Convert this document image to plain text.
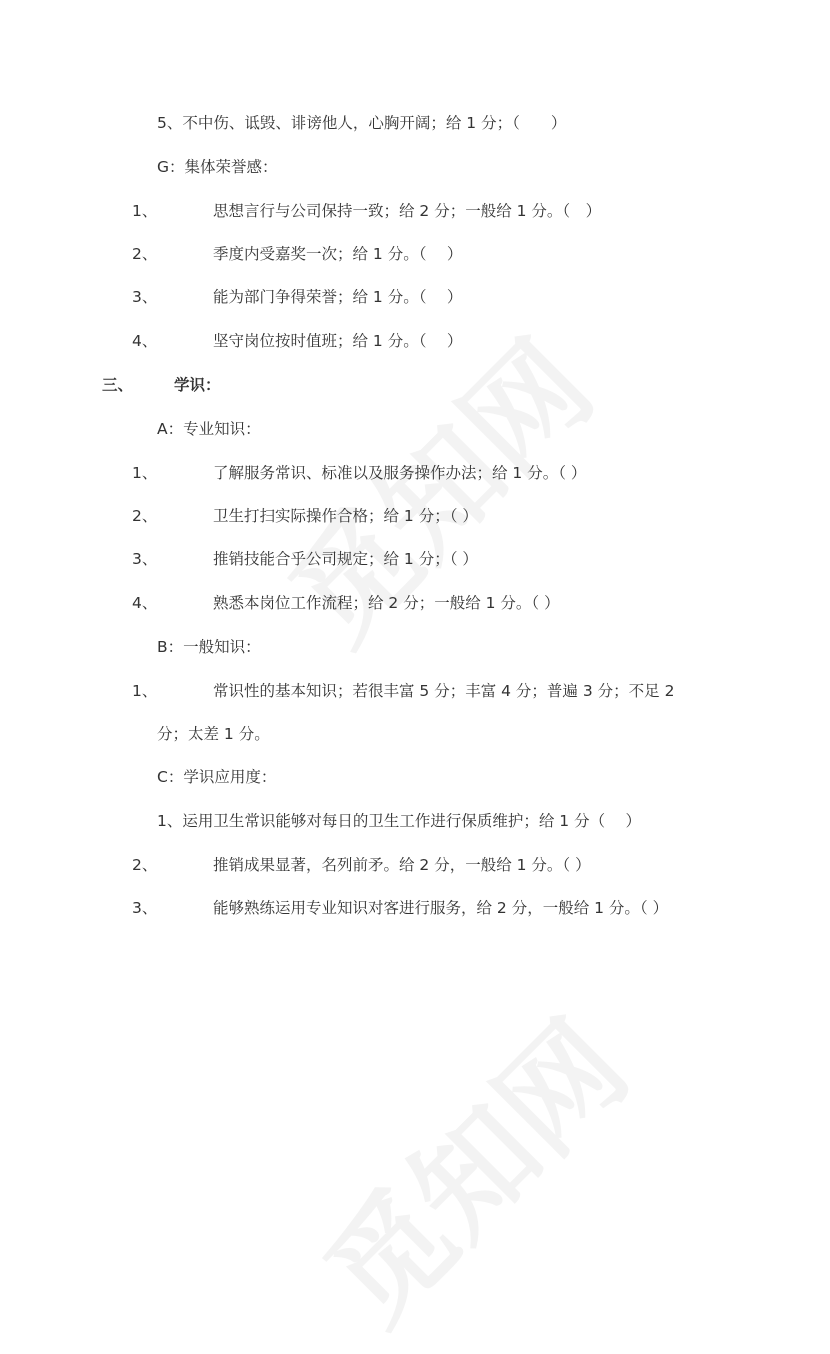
5、不中伤、诋毁、诽谤他人，心胸开阔；给 1 分；（　　）
G：集体荣誉感：
1、	思想言行与公司保持一致；给 2 分；一般给 1 分。（　）
2、	季度内受嘉奖一次；给 1 分。（　 ）
3、	能为部门争得荣誉；给 1 分。（　 ）
4、	坚守岗位按时值班；给 1 分。（　 ）
三、	学识：
A：专业知识：
1、	了解服务常识、标准以及服务操作办法；给 1 分。（ ）
2、	卫生打扫实际操作合格；给 1 分；（ ）
3、	推销技能合乎公司规定；给 1 分；（ ）
4、	熟悉本岗位工作流程；给 2 分；一般给 1 分。（ ）
B：一般知识：
1、	常识性的基本知识；若很丰富 5 分；丰富 4 分；普遍 3 分；不足 2
分；太差 1 分。
C：学识应用度：
1、运用卫生常识能够对每日的卫生工作进行保质维护；给 1 分（　 ）
2、	推销成果显著，名列前矛。给 2 分，一般给 1 分。（ ）
3、	能够熟练运用专业知识对客进行服务，给 2 分，一般给 1 分。（ ）
